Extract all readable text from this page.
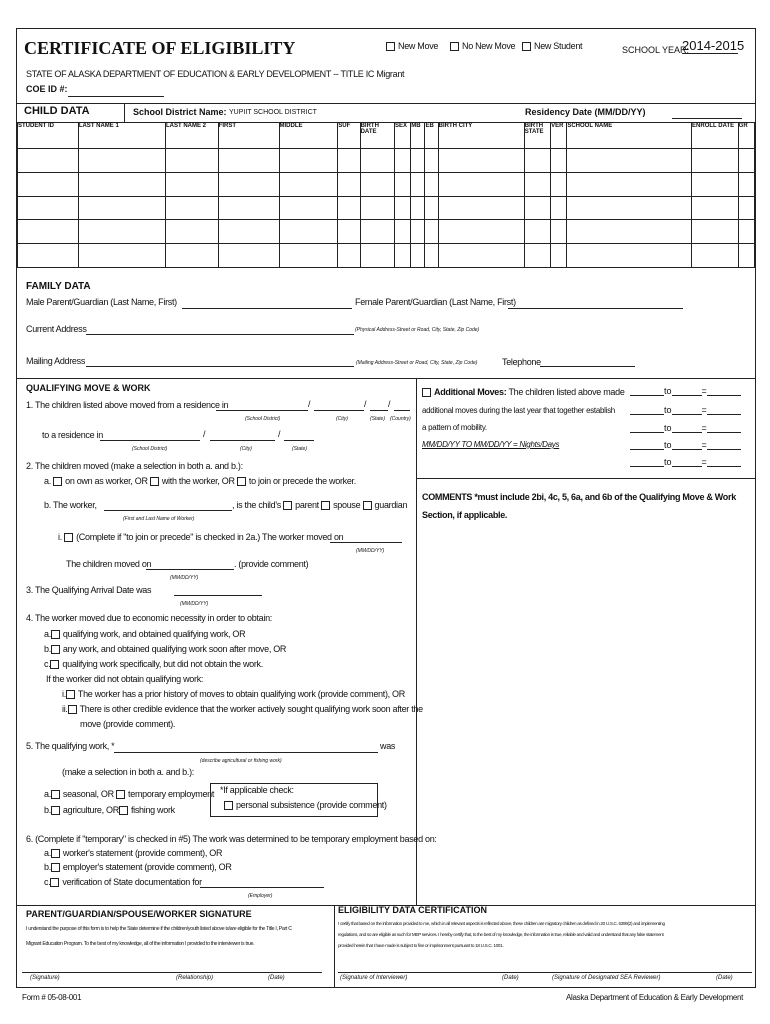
CERTIFICATE OF ELIGIBILITY	New Move	No New Move	New Student	SCHOOL YEAR:
2014-2015
STATE OF ALASKA DEPARTMENT OF EDUCATION & EARLY DEVELOPMENT -- TITLE IC Migrant
COE ID #:
CHILD DATA	School District Name: YUPIIT SCHOOL DISTRICT	Residency Date (MM/DD/YY)
STUDENT ID	LAST NAME 1	LAST NAME 2	FIRST	MIDDLE	SUF	BIRTH DATE	SEX	MB	EB	BIRTH CITY	BIRTH STATE	VER	SCHOOL NAME	ENROLL DATE	GR

FAMILY DATA
Male Parent/Guardian (Last Name, First)	Female Parent/Guardian (Last Name, First)
Current Address	(Physical Address-Street or Road, City, State, Zip Code)
Mailing Address	(Mailing Address-Street or Road, City, State, Zip Code)	Telephone
QUALIFYING MOVE & WORK
1. The children listed above moved from a residence in	/	/ /
(School District)	(City)	(State) (Country)
to a residence in	/	/
(School District)	(City)	(State)
2. The children moved (make a selection in both a. and b.):
a. on own as worker, OR with the worker, OR to join or precede the worker.
b. The worker,	, is the child's parent spouse guardian
(First and Last Name of Worker)
i. (Complete if "to join or precede" is checked in 2a.) The worker moved on
(MM/DD/YY)
The children moved on	. (provide comment)
(MM/DD/YY)
3. The Qualifying Arrival Date was
(MM/DD/YY)
4. The worker moved due to economic necessity in order to obtain:
a. qualifying work, and obtained qualifying work, OR
b. any work, and obtained qualifying work soon after move, OR
c. qualifying work specifically, but did not obtain the work.
If the worker did not obtain qualifying work:
i. The worker has a prior history of moves to obtain qualifying work (provide comment), OR
ii. There is other credible evidence that the worker actively sought qualifying work soon after the
move (provide comment).
5. The qualifying work, *	was
(describe agricultural or fishing work)
(make a selection in both a. and b.):
a. seasonal, OR temporary employment
b. agriculture, OR fishing work
*If applicable check:
personal subsistence (provide comment)
6. (Complete if "temporary" is checked in #5) The work was determined to be temporary employment based on:
a. worker's statement (provide comment), OR
b. employer's statement (provide comment), OR
c. verification of State documentation for
(Employer)
Additional Moves: The children listed above made
additional moves during the last year that together establish
a pattern of mobility.
MM/DD/YY TO MM/DD/YY = Nights/Days
to	=
to	=
to	=
to	=
to	=
COMMENTS *must include 2bi, 4c, 5, 6a, and 6b of the Qualifying Move & Work
Section, if applicable.
PARENT/GUARDIAN/SPOUSE/WORKER SIGNATURE
I understand the purpose of this form is to help the State determine if the children/youth listed above is/are eligible for the Title I, Part C
Migrant Education Program. To the best of my knowledge, all of the information I provided to the interviewer is true.
(Signature)	(Relationship)	(Date)
ELIGIBILITY DATA CERTIFICATION
I certify that based on the information provided to me, which in all relevant aspects is reflected above, these children are migratory children as defined in 20 U.S.C. 6399(2) and implementing
regulations, and so are eligible as such for MEP services. I hereby certify that, to the best of my knowledge, the information is true, reliable and valid and understand that any false statement
provided herein that I have made is subject to fine or imprisonment pursuant to 18 U.S.C. 1001.
(Signature of Interviewer)	(Date)	(Signature of Designated SEA Reviewer)	(Date)
Form # 05-08-001	Alaska Department of Education & Early Development
